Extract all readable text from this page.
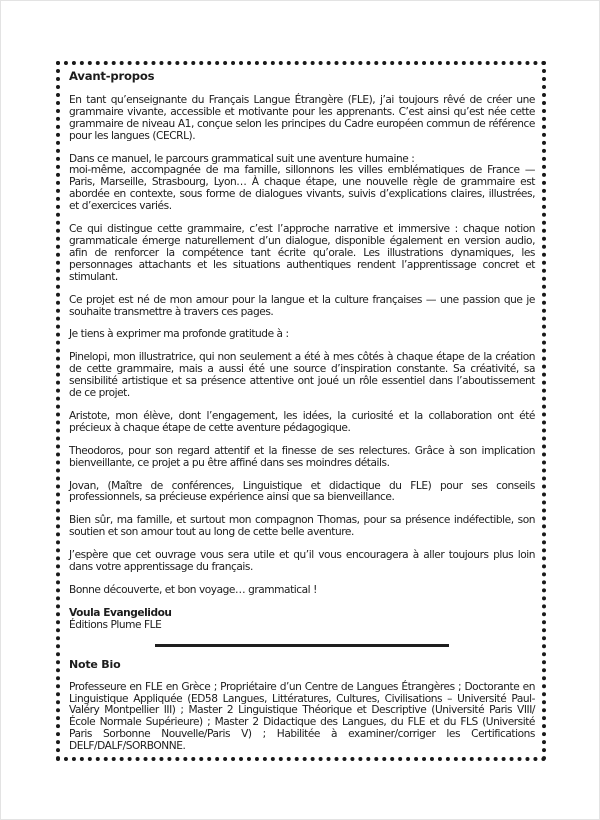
Avant-propos

En tant qu’enseignante du Français Langue Étrangère (FLE), j’ai toujours rêvé de créer une grammaire vivante, accessible et motivante pour les apprenants. C’est ainsi qu’est née cette grammaire de niveau A1, conçue selon les principes du Cadre européen commun de référence pour les langues (CECRL).

Dans ce manuel, le parcours grammatical suit une aventure humaine :
moi-même, accompagnée de ma famille, sillonnons les villes emblématiques de France — Paris, Marseille, Strasbourg, Lyon… À chaque étape, une nouvelle règle de grammaire est abordée en contexte, sous forme de dialogues vivants, suivis d’explications claires, illustrées, et d’exercices variés.

Ce qui distingue cette grammaire, c’est l’approche narrative et immersive : chaque notion grammaticale émerge naturellement d’un dialogue, disponible également en version audio, afin de renforcer la compétence tant écrite qu’orale. Les illustrations dynamiques, les personnages attachants et les situations authentiques rendent l’apprentissage concret et stimulant.

Ce projet est né de mon amour pour la langue et la culture françaises — une passion que je souhaite transmettre à travers ces pages.

Je tiens à exprimer ma profonde gratitude à :

Pinelopi, mon illustratrice, qui non seulement a été à mes côtés à chaque étape de la création de cette grammaire, mais a aussi été une source d’inspiration constante. Sa créativité, sa sensibilité artistique et sa présence attentive ont joué un rôle essentiel dans l’aboutissement de ce projet.

Aristote, mon élève, dont l’engagement, les idées, la curiosité et la collaboration ont été précieux à chaque étape de cette aventure pédagogique.

Theodoros, pour son regard attentif et la finesse de ses relectures. Grâce à son implication bienveillante, ce projet a pu être affiné dans ses moindres détails.

Jovan, (Maître de conférences, Linguistique et didactique du FLE) pour ses conseils professionnels, sa précieuse expérience ainsi que sa bienveillance.

Bien sûr, ma famille, et surtout mon compagnon Thomas, pour sa présence indéfectible, son soutien et son amour tout au long de cette belle aventure.

J’espère que cet ouvrage vous sera utile et qu’il vous encouragera à aller toujours plus loin dans votre apprentissage du français.

Bonne découverte, et bon voyage… grammatical !

Voula Evangelidou
Éditions Plume FLE
Note Bio

Professeure en FLE en Grèce ; Propriétaire d’un Centre de Langues Étrangères ; Doctorante en Linguistique Appliquée (ED58 Langues, Littératures, Cultures, Civilisations – Université Paul-Valéry Montpellier III) ; Master 2 Linguistique Théorique et Descriptive (Université Paris VIII/École Normale Supérieure) ; Master 2 Didactique des Langues, du FLE et du FLS (Université Paris Sorbonne Nouvelle/Paris V) ; Habilitée à examiner/corriger les Certifications DELF/DALF/SORBONNE.
